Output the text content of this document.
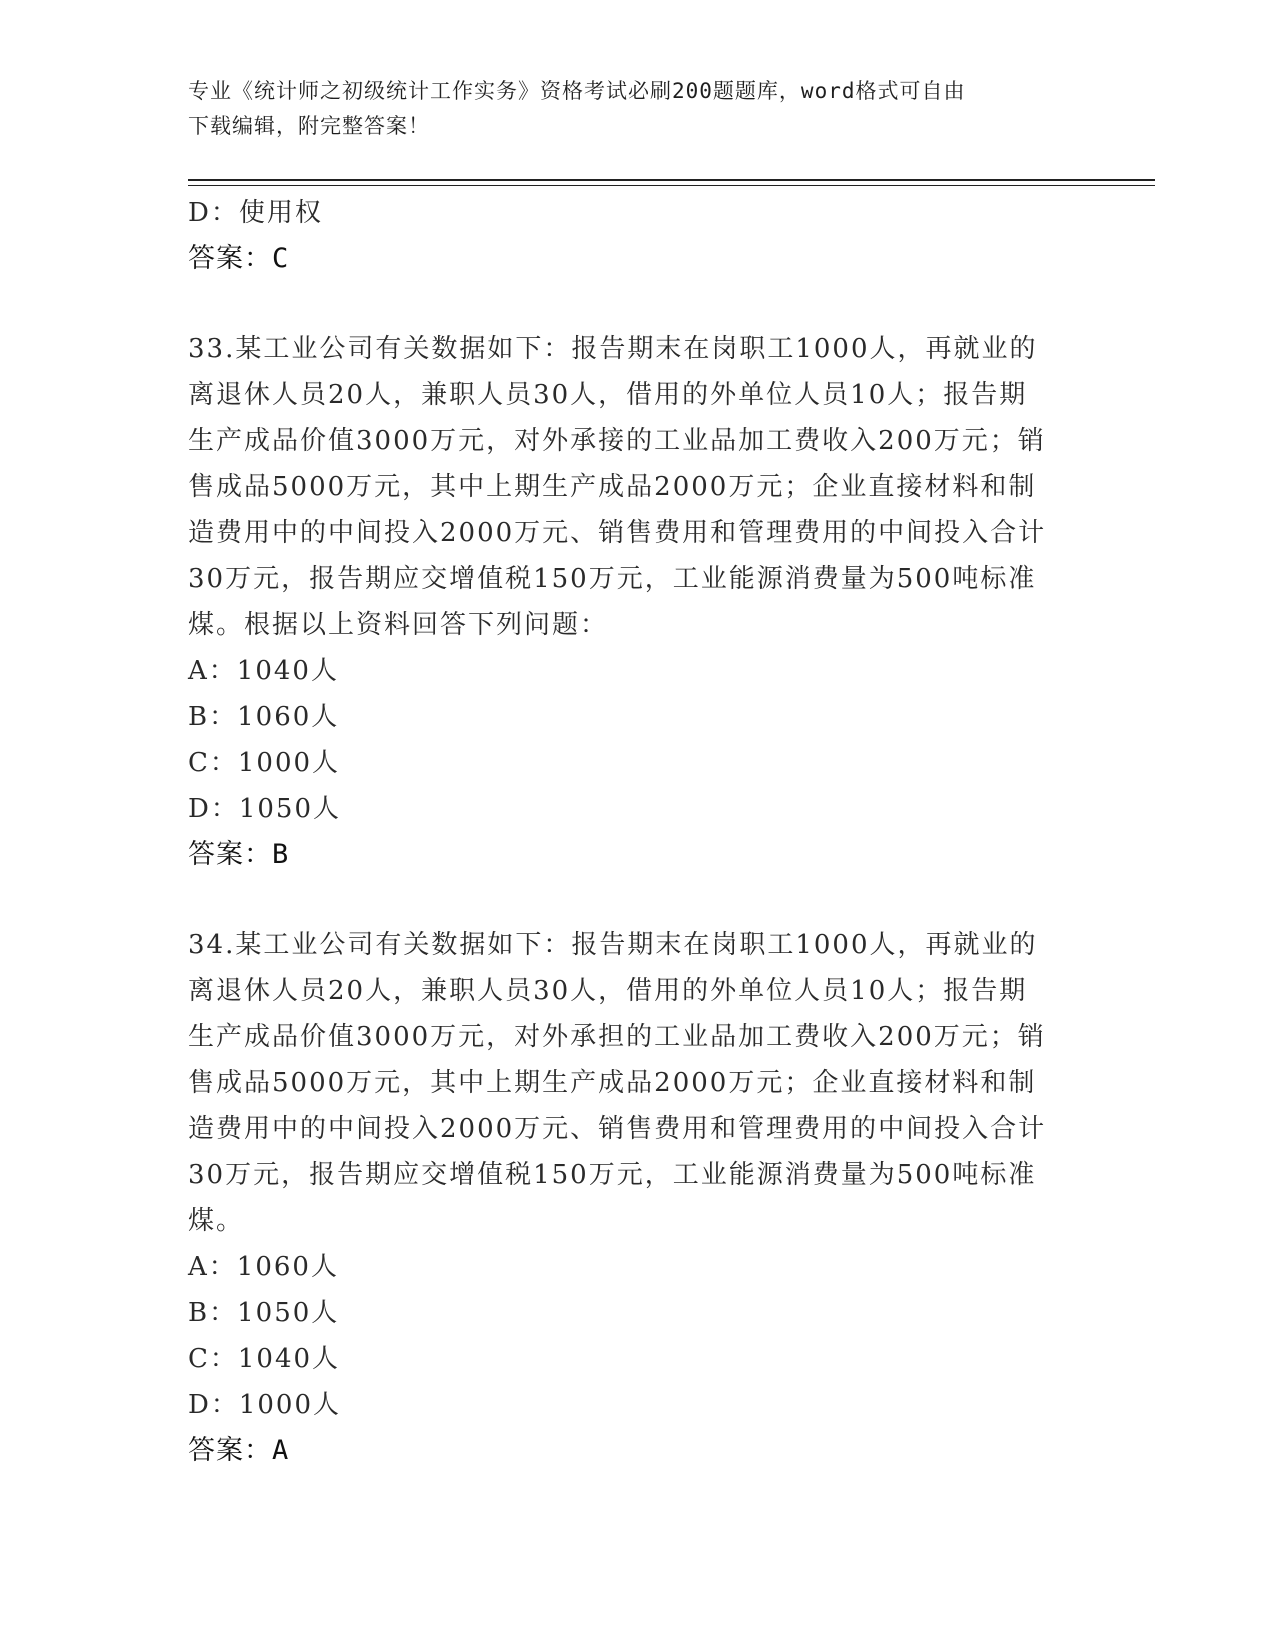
专业《统计师之初级统计工作实务》资格考试必刷200题题库，word格式可自由
下载编辑，附完整答案！
D：使用权
答案：C
33.某工业公司有关数据如下：报告期末在岗职工1000人，再就业的
离退休人员20人，兼职人员30人，借用的外单位人员10人；报告期
生产成品价值3000万元，对外承接的工业品加工费收入200万元；销
售成品5000万元，其中上期生产成品2000万元；企业直接材料和制
造费用中的中间投入2000万元、销售费用和管理费用的中间投入合计
30万元，报告期应交增值税150万元，工业能源消费量为500吨标准
煤。根据以上资料回答下列问题：
A：1040人
B：1060人
C：1000人
D：1050人
答案：B
34.某工业公司有关数据如下：报告期末在岗职工1000人，再就业的
离退休人员20人，兼职人员30人，借用的外单位人员10人；报告期
生产成品价值3000万元，对外承担的工业品加工费收入200万元；销
售成品5000万元，其中上期生产成品2000万元；企业直接材料和制
造费用中的中间投入2000万元、销售费用和管理费用的中间投入合计
30万元，报告期应交增值税150万元，工业能源消费量为500吨标准
煤。
A：1060人
B：1050人
C：1040人
D：1000人
答案：A
